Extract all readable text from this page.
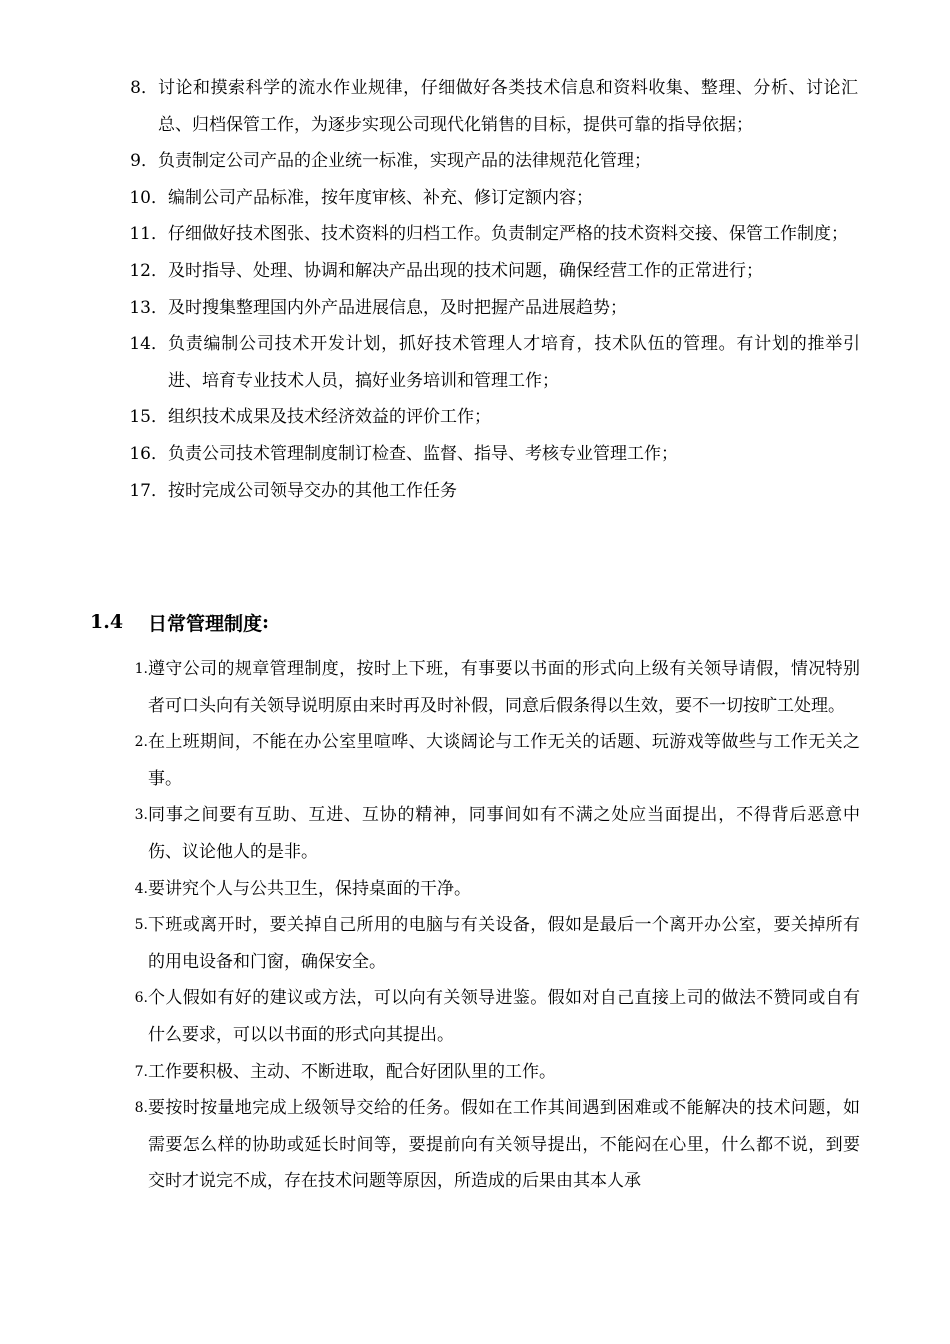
8． 讨论和摸索科学的流水作业规律，仔细做好各类技术信息和资料收集、整理、分析、讨论汇总、归档保管工作，为逐步实现公司现代化销售的目标，提供可靠的指导依据；
9． 负责制定公司产品的企业统一标准，实现产品的法律规范化管理；
10． 编制公司产品标准，按年度审核、补充、修订定额内容；
11． 仔细做好技术图张、技术资料的归档工作。负责制定严格的技术资料交接、保管工作制度；
12． 及时指导、处理、协调和解决产品出现的技术问题，确保经营工作的正常进行；
13． 及时搜集整理国内外产品进展信息，及时把握产品进展趋势；
14． 负责编制公司技术开发计划，抓好技术管理人才培育，技术队伍的管理。有计划的推举引进、培育专业技术人员，搞好业务培训和管理工作；
15． 组织技术成果及技术经济效益的评价工作；
16． 负责公司技术管理制度制订检查、监督、指导、考核专业管理工作；
17． 按时完成公司领导交办的其他工作任务
1.4	日常管理制度 :
1. 遵守公司的规章管理制度，按时上下班，有事要以书面的形式向上级有关领导请假，情况特别者可口头向有关领导说明原由来时再及时补假，同意后假条得以生效，要不一切按旷工处理。
2. 在上班期间，不能在办公室里喧哗、大谈阔论与工作无关的话题、玩游戏等做些与工作无关之事。
3. 同事之间要有互助、互进、互协的精神，同事间如有不满之处应当面提出，不得背后恶意中伤、议论他人的是非。
4. 要讲究个人与公共卫生，保持桌面的干净。
5. 下班或离开时，要关掉自己所用的电脑与有关设备，假如是最后一个离开办公室，要关掉所有的用电设备和门窗，确保安全。
6. 个人假如有好的建议或方法，可以向有关领导进鉴。假如对自己直接上司的做法不赞同或自有什么要求，可以以书面的形式向其提出。
7. 工作要积极、主动、不断进取，配合好团队里的工作。
8. 要按时按量地完成上级领导交给的任务。假如在工作其间遇到困难或不能解决的技术问题，如需要怎么样的协助或延长时间等，要提前向有关领导提出，不能闷在心里，什么都不说，到要交时才说完不成，存在技术问题等原因，所造成的后果由其本人承
